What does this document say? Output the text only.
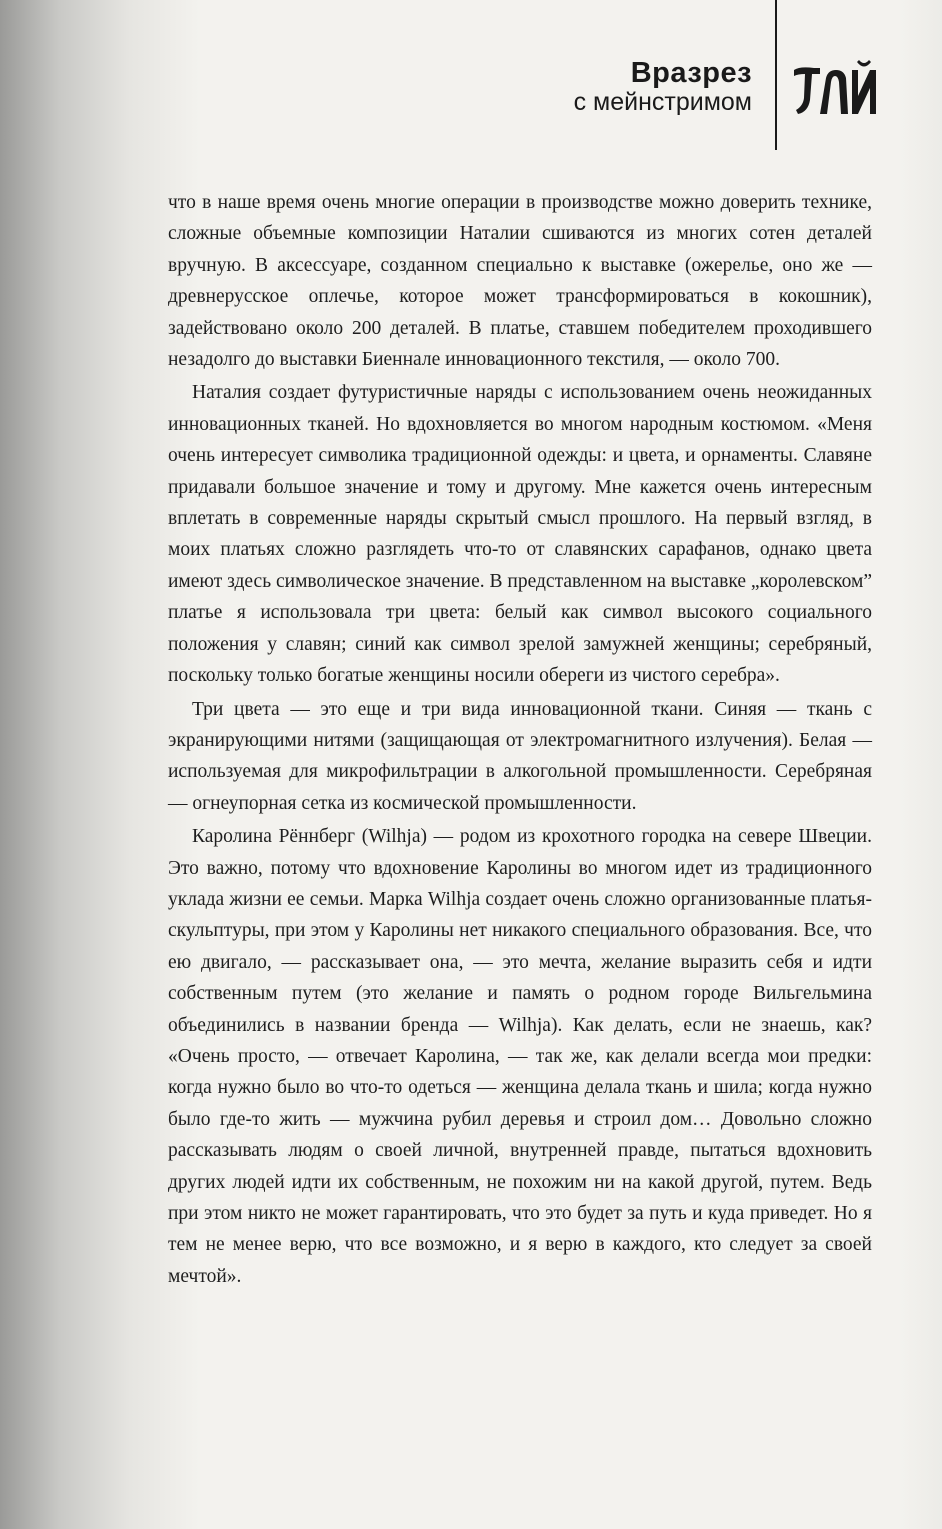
Вразрез
с мейнстримом

что в наше время очень многие операции в производстве можно доверить технике, сложные объемные композиции Наталии сшиваются из многих сотен деталей вручную. В аксессуаре, созданном специально к выставке (ожерелье, оно же — древнерусское оплечье, которое может трансформироваться в кокошник), задействовано около 200 деталей. В платье, ставшем победителем проходившего незадолго до выставки Биеннале инновационного текстиля, — около 700.

Наталия создает футуристичные наряды с использованием очень неожиданных инновационных тканей. Но вдохновляется во многом народным костюмом. «Меня очень интересует символика традиционной одежды: и цвета, и орнаменты. Славяне придавали большое значение и тому и другому. Мне кажется очень интересным вплетать в современные наряды скрытый смысл прошлого. На первый взгляд, в моих платьях сложно разглядеть что-то от славянских сарафанов, однако цвета имеют здесь символическое значение. В представленном на выставке „королевском” платье я использовала три цвета: белый как символ высокого социального положения у славян; синий как символ зрелой замужней женщины; серебряный, поскольку только богатые женщины носили обереги из чистого серебра».

Три цвета — это еще и три вида инновационной ткани. Синяя — ткань с экранирующими нитями (защищающая от электромагнитного излучения). Белая — используемая для микрофильтрации в алкогольной промышленности. Серебряная — огнеупорная сетка из космической промышленности.

Каролина Рённберг (Wilhja) — родом из крохотного городка на севере Швеции. Это важно, потому что вдохновение Каролины во многом идет из традиционного уклада жизни ее семьи. Марка Wilhja создает очень сложно организованные платья-скульптуры, при этом у Каролины нет никакого специального образования. Все, что ею двигало, — рассказывает она, — это мечта, желание выразить себя и идти собственным путем (это желание и память о родном городе Вильгельмина объединились в названии бренда — Wilhja). Как делать, если не знаешь, как? «Очень просто, — отвечает Каролина, — так же, как делали всегда мои предки: когда нужно было во что-то одеться — женщина делала ткань и шила; когда нужно было где-то жить — мужчина рубил деревья и строил дом… Довольно сложно рассказывать людям о своей личной, внутренней правде, пытаться вдохновить других людей идти их собственным, не похожим ни на какой другой, путем. Ведь при этом никто не может гарантировать, что это будет за путь и куда приведет. Но я тем не менее верю, что все возможно, и я верю в каждого, кто следует за своей мечтой».
